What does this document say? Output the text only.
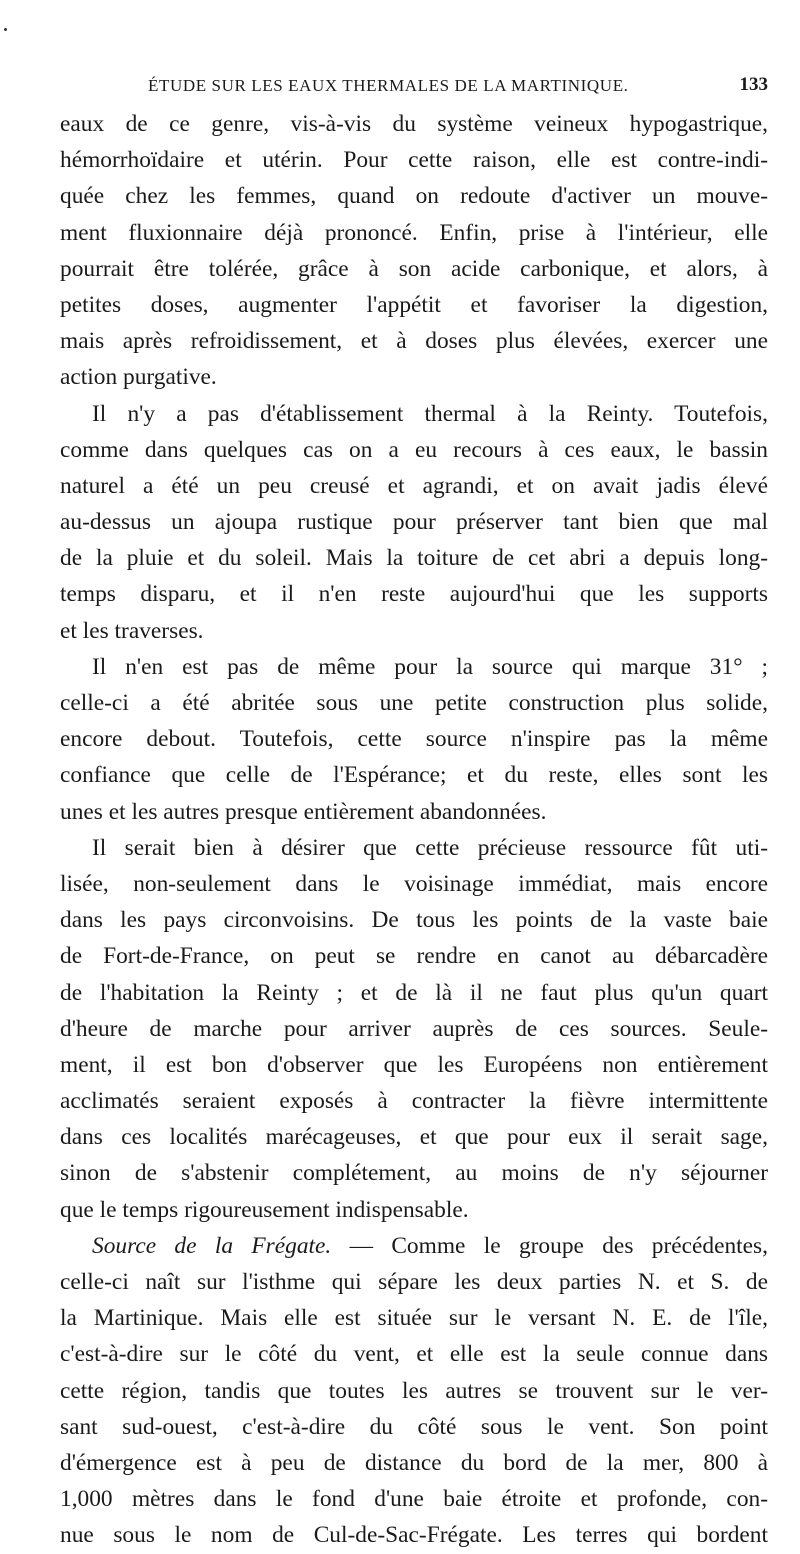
ÉTUDE SUR LES EAUX THERMALES DE LA MARTINIQUE.	133
eaux de ce genre, vis-à-vis du système veineux hypogastrique,
hémorrhoïdaire et utérin. Pour cette raison, elle est contre-indi-
quée chez les femmes, quand on redoute d'activer un mouve-
ment fluxionnaire déjà prononcé. Enfin, prise à l'intérieur, elle
pourrait être tolérée, grâce à son acide carbonique, et alors, à
petites doses, augmenter l'appétit et favoriser la digestion,
mais après refroidissement, et à doses plus élevées, exercer une
action purgative.
Il n'y a pas d'établissement thermal à la Reinty. Toutefois,
comme dans quelques cas on a eu recours à ces eaux, le bassin
naturel a été un peu creusé et agrandi, et on avait jadis élevé
au-dessus un ajoupa rustique pour préserver tant bien que mal
de la pluie et du soleil. Mais la toiture de cet abri a depuis long-
temps disparu, et il n'en reste aujourd'hui que les supports
et les traverses.
Il n'en est pas de même pour la source qui marque 31° ;
celle-ci a été abritée sous une petite construction plus solide,
encore debout. Toutefois, cette source n'inspire pas la même
confiance que celle de l'Espérance; et du reste, elles sont les
unes et les autres presque entièrement abandonnées.
Il serait bien à désirer que cette précieuse ressource fût uti-
lisée, non-seulement dans le voisinage immédiat, mais encore
dans les pays circonvoisins. De tous les points de la vaste baie
de Fort-de-France, on peut se rendre en canot au débarcadère
de l'habitation la Reinty ; et de là il ne faut plus qu'un quart
d'heure de marche pour arriver auprès de ces sources. Seule-
ment, il est bon d'observer que les Européens non entièrement
acclimatés seraient exposés à contracter la fièvre intermittente
dans ces localités marécageuses, et que pour eux il serait sage,
sinon de s'abstenir complétement, au moins de n'y séjourner
que le temps rigoureusement indispensable.
Source de la Frégate. — Comme le groupe des précédentes,
celle-ci naît sur l'isthme qui sépare les deux parties N. et S. de
la Martinique. Mais elle est située sur le versant N. E. de l'île,
c'est-à-dire sur le côté du vent, et elle est la seule connue dans
cette région, tandis que toutes les autres se trouvent sur le ver-
sant sud-ouest, c'est-à-dire du côté sous le vent. Son point
d'émergence est à peu de distance du bord de la mer, 800 à
1,000 mètres dans le fond d'une baie étroite et profonde, con-
nue sous le nom de Cul-de-Sac-Frégate. Les terres qui bordent
